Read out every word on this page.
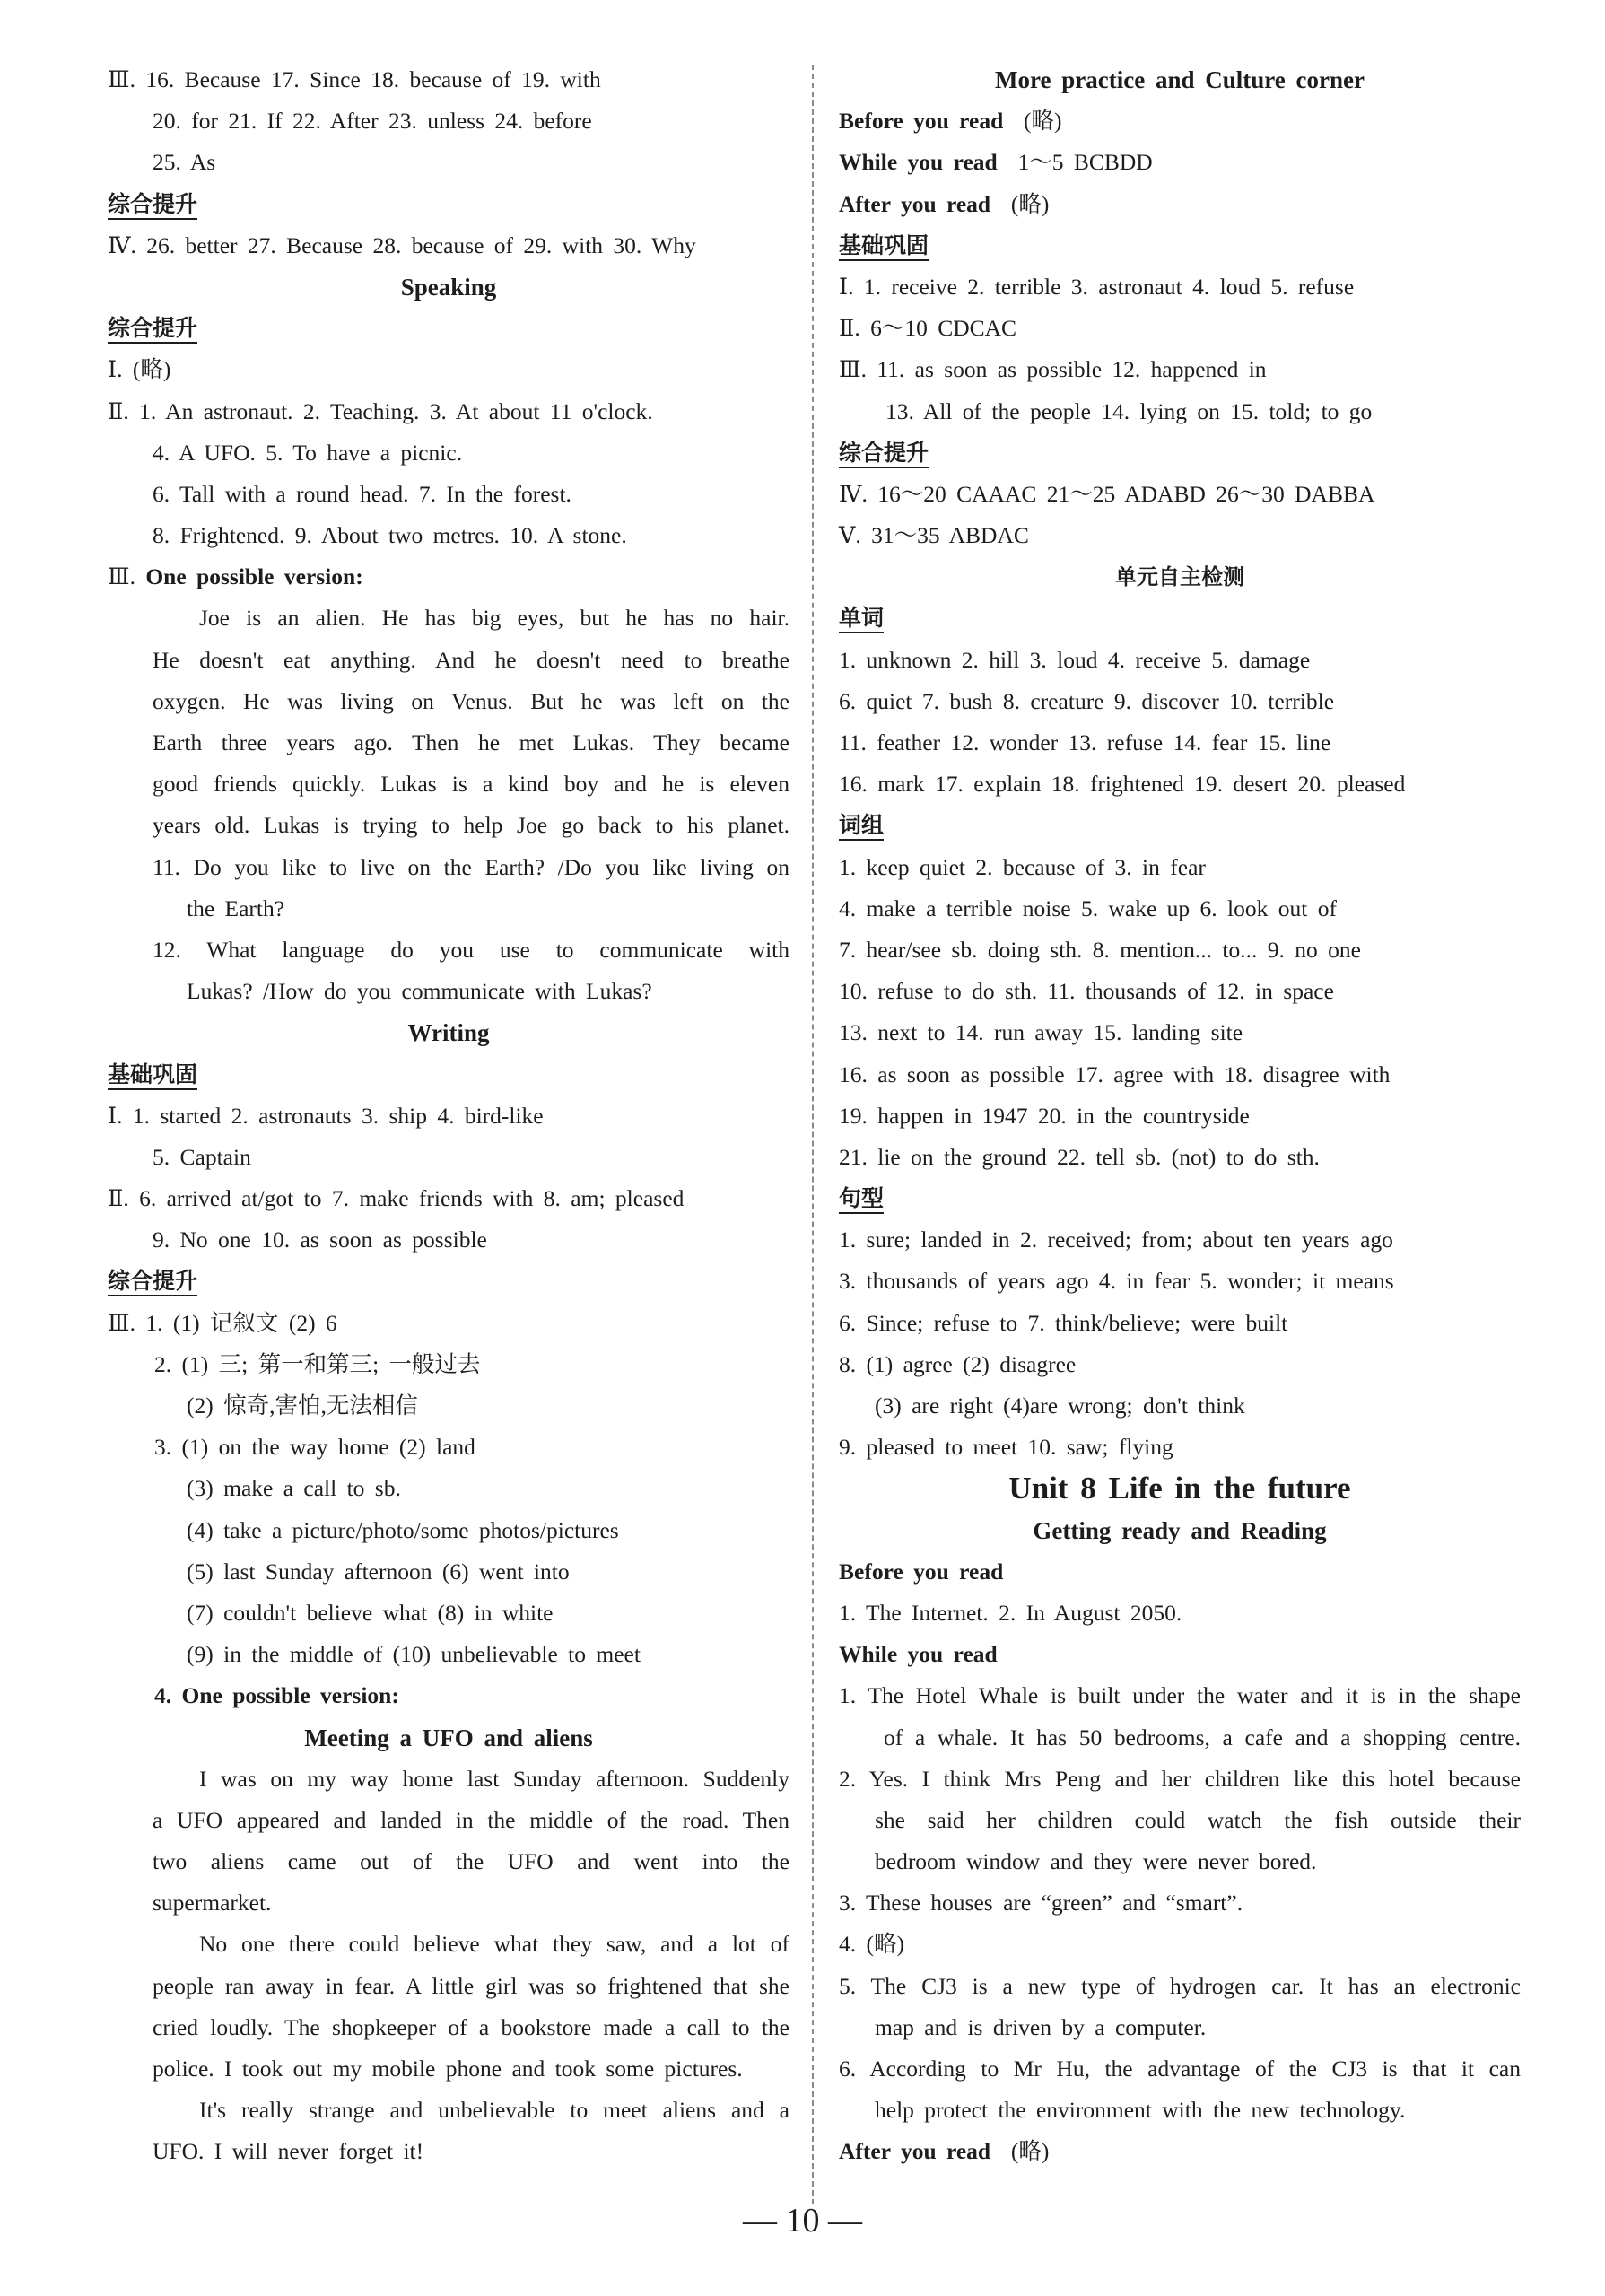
Ⅲ. 16. Because 17. Since 18. because of 19. with
20. for 21. If 22. After 23. unless 24. before
25. As
综合提升
Ⅳ. 26. better 27. Because 28. because of 29. with 30. Why
Speaking
综合提升
Ⅰ. (略)
Ⅱ. 1. An astronaut. 2. Teaching. 3. At about 11 o'clock.
4. A UFO. 5. To have a picnic.
6. Tall with a round head. 7. In the forest.
8. Frightened. 9. About two metres. 10. A stone.
Ⅲ. One possible version:
Joe is an alien. He has big eyes, but he has no hair.
He doesn't eat anything. And he doesn't need to breathe
oxygen. He was living on Venus. But he was left on the
Earth three years ago. Then he met Lukas. They became
good friends quickly. Lukas is a kind boy and he is eleven
years old. Lukas is trying to help Joe go back to his planet.
11. Do you like to live on the Earth? /Do you like living on
the Earth?
12. What language do you use to communicate with
Lukas? /How do you communicate with Lukas?
Writing
基础巩固
Ⅰ. 1. started 2. astronauts 3. ship 4. bird-like
5. Captain
Ⅱ. 6. arrived at/got to 7. make friends with 8. am; pleased
9. No one 10. as soon as possible
综合提升
Ⅲ. 1. (1) 记叙文 (2) 6
2. (1) 三; 第一和第三; 一般过去
(2) 惊奇,害怕,无法相信
3. (1) on the way home (2) land
(3) make a call to sb.
(4) take a picture/photo/some photos/pictures
(5) last Sunday afternoon (6) went into
(7) couldn't believe what (8) in white
(9) in the middle of (10) unbelievable to meet
4. One possible version:
Meeting a UFO and aliens
I was on my way home last Sunday afternoon. Suddenly
a UFO appeared and landed in the middle of the road. Then
two aliens came out of the UFO and went into the
supermarket.
No one there could believe what they saw, and a lot of
people ran away in fear. A little girl was so frightened that she
cried loudly. The shopkeeper of a bookstore made a call to the
police. I took out my mobile phone and took some pictures.
It's really strange and unbelievable to meet aliens and a
UFO. I will never forget it!
More practice and Culture corner
Before you read (略)
While you read 1～5 BCBDD
After you read (略)
基础巩固
Ⅰ. 1. receive 2. terrible 3. astronaut 4. loud 5. refuse
Ⅱ. 6～10 CDCAC
Ⅲ. 11. as soon as possible 12. happened in
13. All of the people 14. lying on 15. told; to go
综合提升
Ⅳ. 16～20 CAAAC 21～25 ADABD 26～30 DABBA
Ⅴ. 31～35 ABDAC
单元自主检测
单词
1. unknown 2. hill 3. loud 4. receive 5. damage
6. quiet 7. bush 8. creature 9. discover 10. terrible
11. feather 12. wonder 13. refuse 14. fear 15. line
16. mark 17. explain 18. frightened 19. desert 20. pleased
词组
1. keep quiet 2. because of 3. in fear
4. make a terrible noise 5. wake up 6. look out of
7. hear/see sb. doing sth. 8. mention... to... 9. no one
10. refuse to do sth. 11. thousands of 12. in space
13. next to 14. run away 15. landing site
16. as soon as possible 17. agree with 18. disagree with
19. happen in 1947 20. in the countryside
21. lie on the ground 22. tell sb. (not) to do sth.
句型
1. sure; landed in 2. received; from; about ten years ago
3. thousands of years ago 4. in fear 5. wonder; it means
6. Since; refuse to 7. think/believe; were built
8. (1) agree (2) disagree
(3) are right (4)are wrong; don't think
9. pleased to meet 10. saw; flying
Unit 8 Life in the future
Getting ready and Reading
Before you read
1. The Internet. 2. In August 2050.
While you read
1. The Hotel Whale is built under the water and it is in the shape
of a whale. It has 50 bedrooms, a cafe and a shopping centre.
2. Yes. I think Mrs Peng and her children like this hotel because
she said her children could watch the fish outside their
bedroom window and they were never bored.
3. These houses are “green” and “smart”.
4. (略)
5. The CJ3 is a new type of hydrogen car. It has an electronic
map and is driven by a computer.
6. According to Mr Hu, the advantage of the CJ3 is that it can
help protect the environment with the new technology.
After you read (略)
— 10 —
